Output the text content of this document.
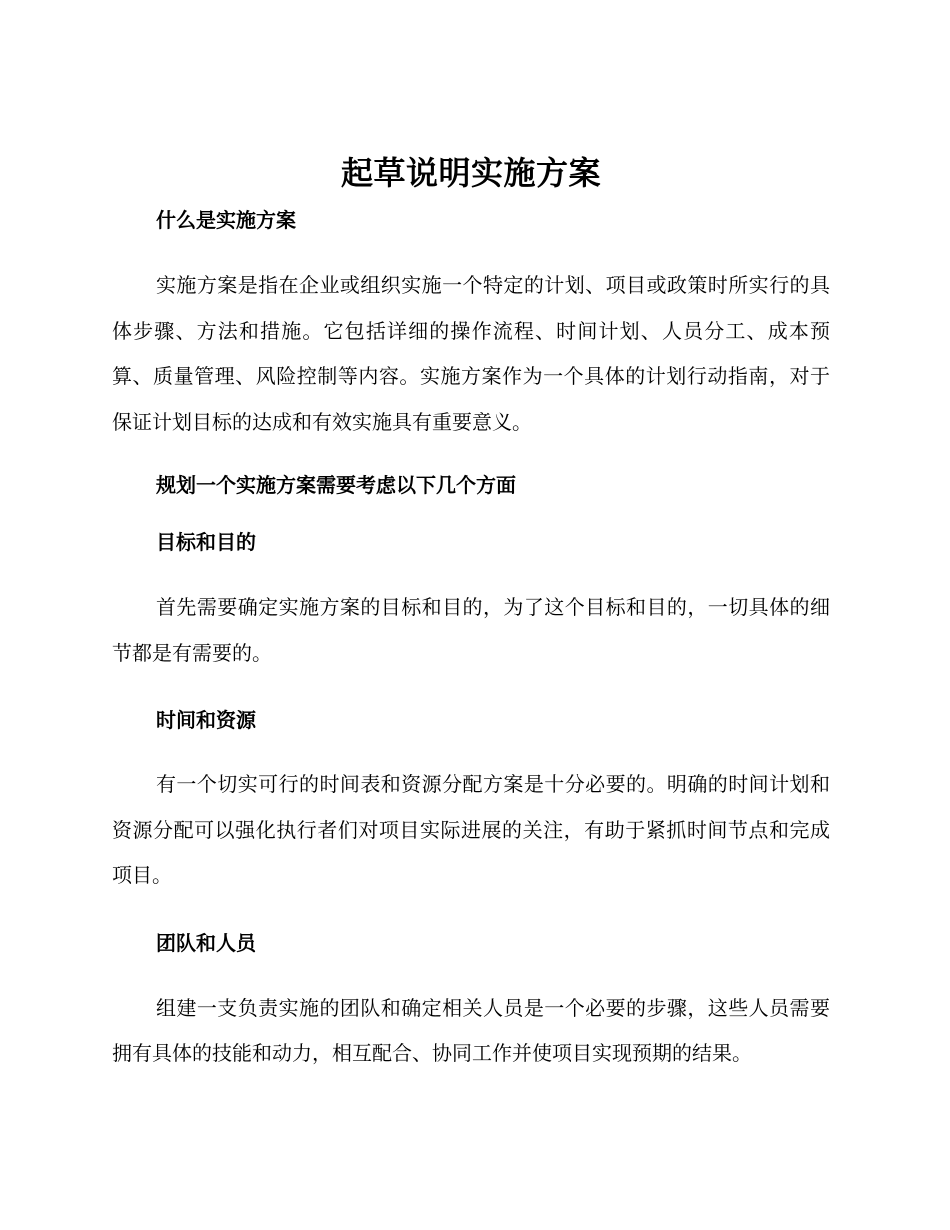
起草说明实施方案

什么是实施方案

实施方案是指在企业或组织实施一个特定的计划、项目或政策时所实行的具体步骤、方法和措施。它包括详细的操作流程、时间计划、人员分工、成本预算、质量管理、风险控制等内容。实施方案作为一个具体的计划行动指南，对于保证计划目标的达成和有效实施具有重要意义。

规划一个实施方案需要考虑以下几个方面

目标和目的

首先需要确定实施方案的目标和目的，为了这个目标和目的，一切具体的细节都是有需要的。

时间和资源

有一个切实可行的时间表和资源分配方案是十分必要的。明确的时间计划和资源分配可以强化执行者们对项目实际进展的关注，有助于紧抓时间节点和完成项目。

团队和人员

组建一支负责实施的团队和确定相关人员是一个必要的步骤，这些人员需要拥有具体的技能和动力，相互配合、协同工作并使项目实现预期的结果。
